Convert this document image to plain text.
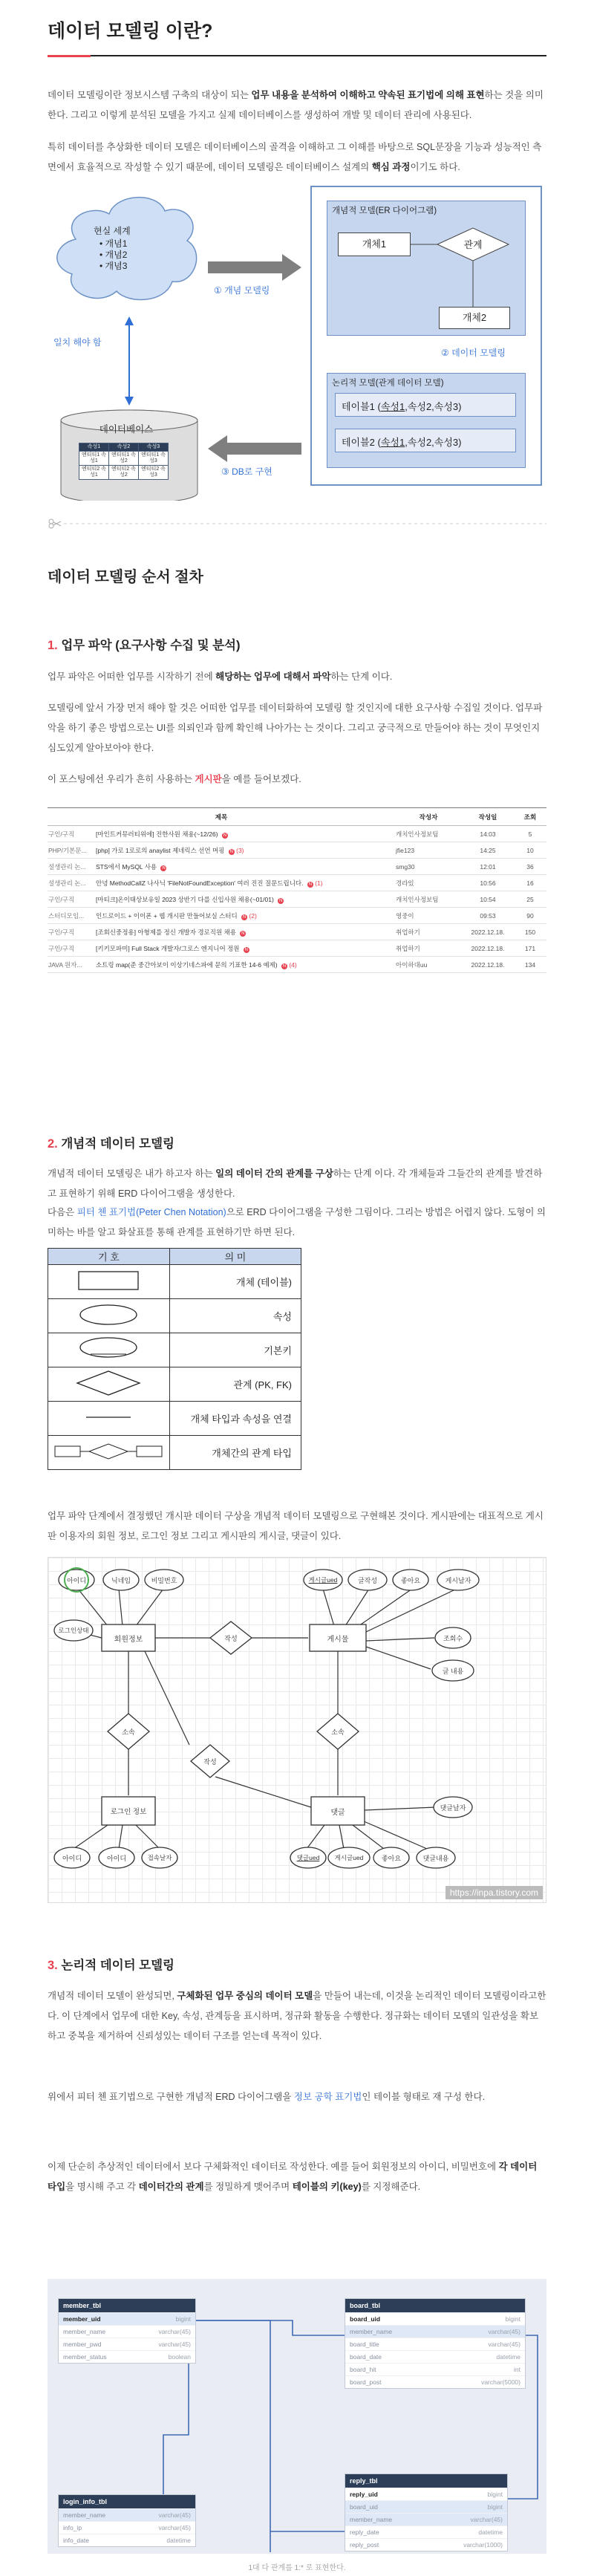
데이터 모델링 이란?

데이터 모델링이란 정보시스템 구축의 대상이 되는 업무 내용을 분석하여 이해하고 약속된 표기법에 의해 표현하는 것을 의미한다. 그리고 이렇게 분석된 모델을 가지고 실제 데이터베이스를 생성하여 개발 및 데이터 관리에 사용된다.

특히 데이터를 추상화한 데이터 모델은 데이터베이스의 골격을 이해하고 그 이해를 바탕으로 SQL문장을 기능과 성능적인 측면에서 효율적으로 작성할 수 있기 때문에, 데이터 모델링은 데이터베이스 설계의 핵심 과정이기도 하다.

현실 세계
• 개념1
• 개념2
• 개념3
일치 해야 함
데이터베이스
속성1	속성2	속성3
엔티티1 속성1	엔티티1 속성2	엔티티1 속성3
엔티티2 속성1	엔티티2 속성2	엔티티2 속성3
① 개념 모델링
③ DB로 구현
개념적 모델(ER 다이어그램)
개체1	관계
개체2
② 데이터 모델링
논리적 모델(관계 데이터 모델)
테이블1 (속성1,속성2,속성3)
테이블2 (속성1,속성2,속성3)
데이터 모델링 순서 절차
1. 업무 파악 (요구사항 수집 및 분석)

업무 파악은 어떠한 업무를 시작하기 전에 해당하는 업무에 대해서 파악하는 단계 이다.

모델링에 앞서 가장 먼저 해야 할 것은 어떠한 업무를 데이터화하여 모델링 할 것인지에 대한 요구사항 수집일 것이다. 업무파악을 하기 좋은 방법으로는 UI를 의뢰인과 함께 확인해 나아가는 는 것이다. 그리고 궁극적으로 만들어야 하는 것이 무엇인지 심도있게 알아보아야 한다.

이 포스팅에선 우리가 흔히 사용하는 게시판을 예를 들어보겠다.

제목		작성자	작성일	조회
구인/구직	[마인트커뮤러티위에] 진한사원 채용(~12/26) N	캐치인사정보팀	14:03	5
PHP/기본문...	[php] 가로 1로로의 anaylist 제네릭스 선언 머핑 N (3)	jfie123	14:25	10
설생관리 논...	STS에서 MySQL 사용 N	smg30	12:01	36
설생관리 논...	안녕 MethodCallZ 나사닉 'FileNotFoundException' 여러 진진 질문드립니다. N (1)	경라있	10:56	16
구인/구직	[마티크]온이태상보유일 2023 상반기 다를 신입사원 채용(~01/01) N	캐치인사정보팀	10:54	25
스터디모임...	인드로이드 + 이이폰 + 웹 개시판 만들어보실 스터디 N (2)	영중이	09:53	90
구인/구직	[조회신중정용] 아형제를 정신 개발자 경로직원 채용 N	취업하기	2022.12.18.	150
구인/구직	[키키모파미] Full Stack 개발자/그로스 엔지니어 정원 N	취업하기	2022.12.18.	171
JAVA 원자...	소트링 map(준 중간아보이 이상기네스파에 문의 기표한 14-6 예제) N (4)	아이하대uu	2022.12.18.	134
2. 개념적 데이터 모델링

개념적 데이터 모델링은 내가 하고자 하는 일의 데이터 간의 관계를 구상하는 단계 이다. 각 개체들과 그들간의 관계를 발견하고 표현하기 위해 ERD 다이어그램을 생성한다.

다음은 피터 첸 표기법(Peter Chen Notation)으로 ERD 다이어그램을 구성한 그림이다. 그리는 방법은 어렵지 않다. 도형이 의미하는 바를 알고 화살표를 통해 관계를 표현하기만 하면 된다.

기 호	의 미
	개체 (테이블)
	속성
	기본키
	관계 (PK, FK)
	개체 타입과 속성을 연결
	개체간의 관계 타입

업무 파악 단계에서 결정했던 개시판 데이터 구상을 개념적 데이터 모델링으로 구현해본 것이다. 게시판에는 대표적으로 게시판 이용자의 회원 정보, 로그인 정보 그리고 게시판의 게시글, 댓글이 있다.

아이디	닉네임	비밀번호
로그인상태
회원정보	작성	게시물
게시글ued	글작성	좋아요	게시날자
조회수
글 내용
소속	소속
작성
로그인 정보	댓글
아이디	아이디	접속날자	댓글ued	게시글ued	좋아요	댓글내용
댓글날자
https://inpa.tistory.com
3. 논리적 데이터 모델링

개념적 데이터 모델이 완성되면, 구체화된 업무 중심의 데이터 모델을 만들어 내는데, 이것을 논리적인 데이터 모델링이라고한다. 이 단계에서 업무에 대한 Key, 속성, 관계등을 표시하며, 정규화 활동을 수행한다. 정규화는 데이터 모델의 일관성을 확보하고 중복을 제거하여 신뢰성있는 데이터 구조를 얻는데 목적이 있다.

위에서 피터 첸 표기법으로 구현한 개념적 ERD 다이어그램을 정보 공학 표기법인 테이블 형태로 재 구성 한다.

이제 단순히 추상적인 데이터에서 보다 구체화적인 데이터로 작성한다. 예를 들어 회원정보의 아이디, 비밀번호에 각 데이터 타입을 명시해 주고 각 데이터간의 관계를 정밀하게 맺어주며 테이블의 키(key)를 지정해준다.

member_tbl
member_uid	bigint
member_name	varchar(45)
member_pwd	varchar(45)
member_status	boolean
board_tbl
board_uid	bigint
member_name	varchar(45)
board_title	varchar(45)
board_date	datetime
board_hit	int
board_post	varchar(5000)
login_info_tbl
member_name	varchar(45)
info_ip	varchar(45)
info_date	datetime
reply_tbl
reply_uid	bigint
board_uid	bigint
member_name	varchar(45)
reply_date	datetime
reply_post	varchar(1000)
1대 다 관계를 1:* 로 표현한다.
